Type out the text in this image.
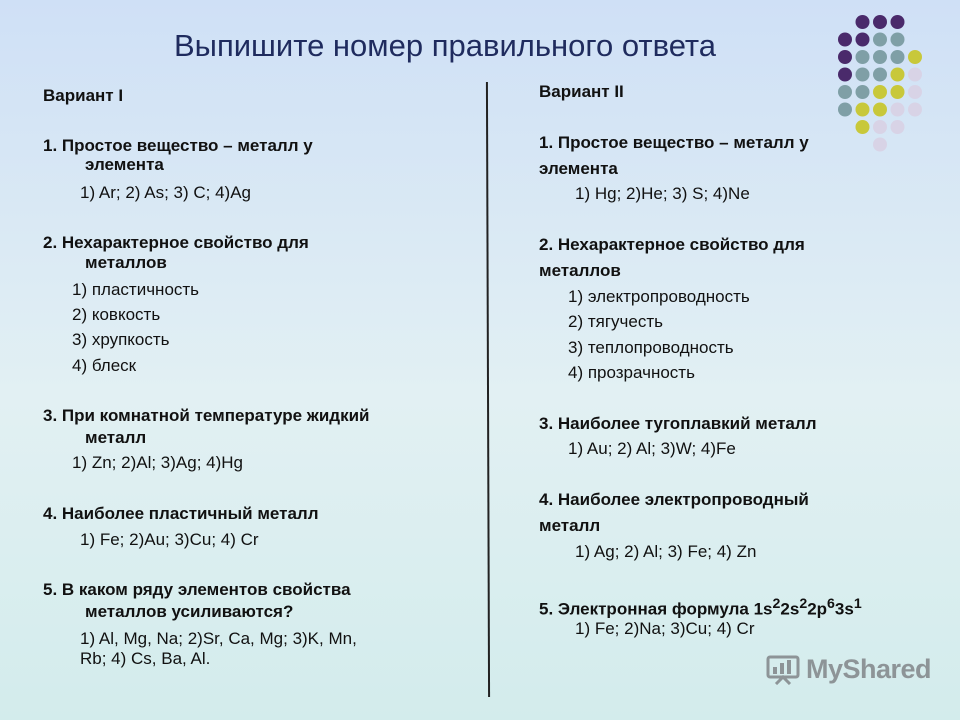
Выпишите номер правильного ответа
Вариант I
1. Простое вещество – металл у
элемента
1) Ar; 2) As; 3) C; 4)Ag
2. Нехарактерное свойство для
металлов
1) пластичность
2) ковкость
3) хрупкость
4) блеск
3. При комнатной температуре жидкий
металл
1) Zn; 2)Al; 3)Ag; 4)Hg
4. Наиболее пластичный металл
1) Fe; 2)Au; 3)Cu; 4) Cr
5. В каком ряду элементов свойства
металлов усиливаются?
1) Al, Mg, Na; 2)Sr, Ca, Mg; 3)K, Mn,
Rb; 4) Cs, Ba, Al.
Вариант II
1. Простое вещество – металл у
элемента
1) Hg; 2)He; 3) S; 4)Ne
2. Нехарактерное свойство для
металлов
1) электропроводность
2) тягучесть
3) теплопроводность
4) прозрачность
3. Наиболее тугоплавкий металл
1) Au; 2) Al; 3)W; 4)Fe
4. Наиболее электропроводный
металл
1) Ag; 2) Al; 3) Fe; 4) Zn
5. Электронная формула $1s^22s^22p^63s^1$
1) Fe; 2)Na; 3)Cu; 4) Cr
MyShared
